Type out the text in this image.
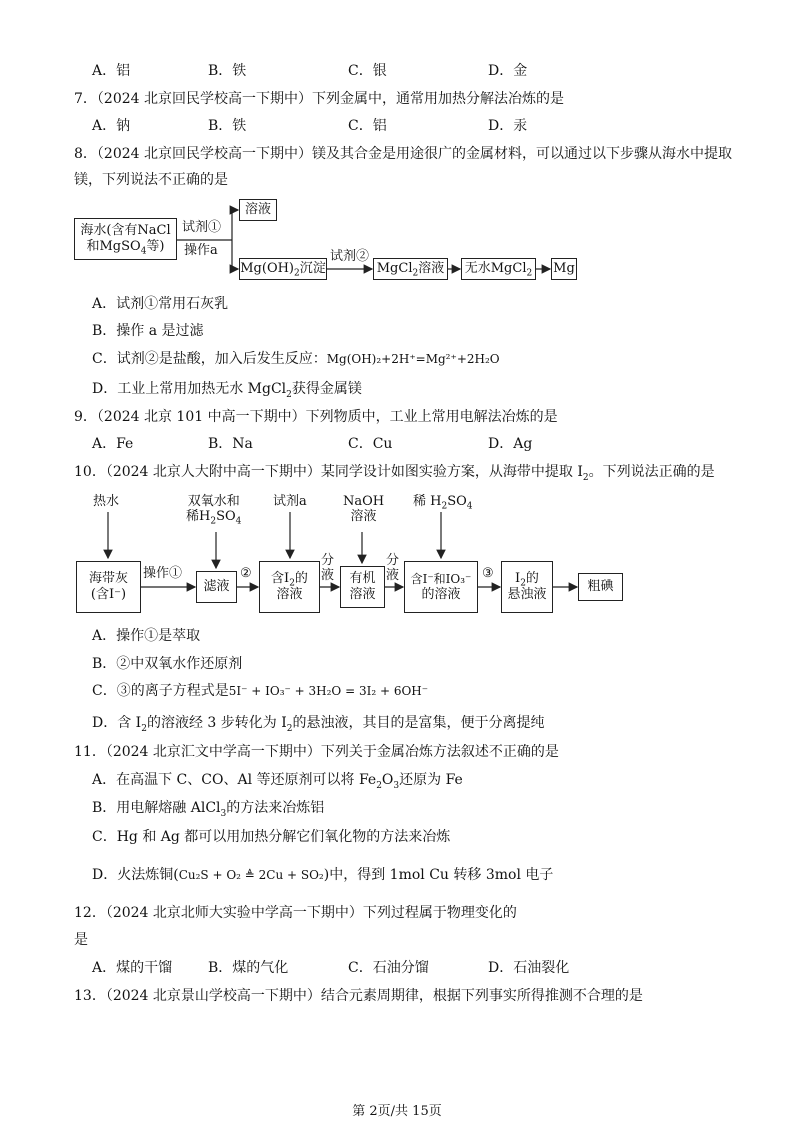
A．铝	B．铁	C．银	D．金
7．（2024 北京回民学校高一下期中）下列金属中，通常用加热分解法冶炼的是
A．钠	B．铁	C．铝	D．汞
8．（2024 北京回民学校高一下期中）镁及其合金是用途很广的金属材料，可以通过以下步骤从海水中提取
镁，下列说法不正确的是
海水(含有NaCl
和MgSO$_4$等)
试剂①
操作a
溶液
$Mg(OH)_2$沉淀
试剂②
MgCl$_2$溶液 无水MgCl$_2$ Mg
A．试剂①常用石灰乳
B．操作 a 是过滤
C．试剂②是盐酸，加入后发生反应：Mg(OH)₂+2H⁺=Mg²⁺+2H₂O
D．工业上常用加热无水 MgCl$_2$获得金属镁
9．（2024 北京 101 中高一下期中）下列物质中，工业上常用电解法冶炼的是
A．Fe	B．Na	C．Cu	D．Ag
10．（2024 北京人大附中高一下期中）某同学设计如图实验方案，从海带中提取 $I_2$。下列说法正确的是
热水	双氧水和
稀$H_2SO_4$
试剂a	NaOH
溶液
稀 $H_2SO_4$
海带灰
(含I⁻)
操作①
滤液
② 含$I_2$的
溶液
分
液 有机
溶液
分
液 含I⁻和IO₃⁻
的溶液
③	$I_2$的
悬浊液
粗碘
A．操作①是萃取
B．②中双氧水作还原剂
C．③的离子方程式是5I⁻ + IO₃⁻ + 3H₂O = 3I₂ + 6OH⁻
D．含 $I_2$的溶液经 3 步转化为 $I_2$的悬浊液，其目的是富集，便于分离提纯
11．（2024 北京汇文中学高一下期中）下列关于金属冶炼方法叙述不正确的是
A．在高温下 C、CO、Al 等还原剂可以将 $Fe_2O_3$还原为 Fe
B．用电解熔融 AlCl$_3$的方法来冶炼铝
C．Hg 和 Ag 都可以用加热分解它们氧化物的方法来冶炼
D．火法炼铜(Cu₂S + O₂ ≜ 2Cu + SO₂)中，得到 1mol Cu 转移 3mol 电子
12．（2024 北京北师大实验中学高一下期中）下列过程属于物理变化的
是
A．煤的干馏	B．煤的气化	C．石油分馏	D．石油裂化
13．（2024 北京景山学校高一下期中）结合元素周期律，根据下列事实所得推测不合理的是
第 2页/共 15页
